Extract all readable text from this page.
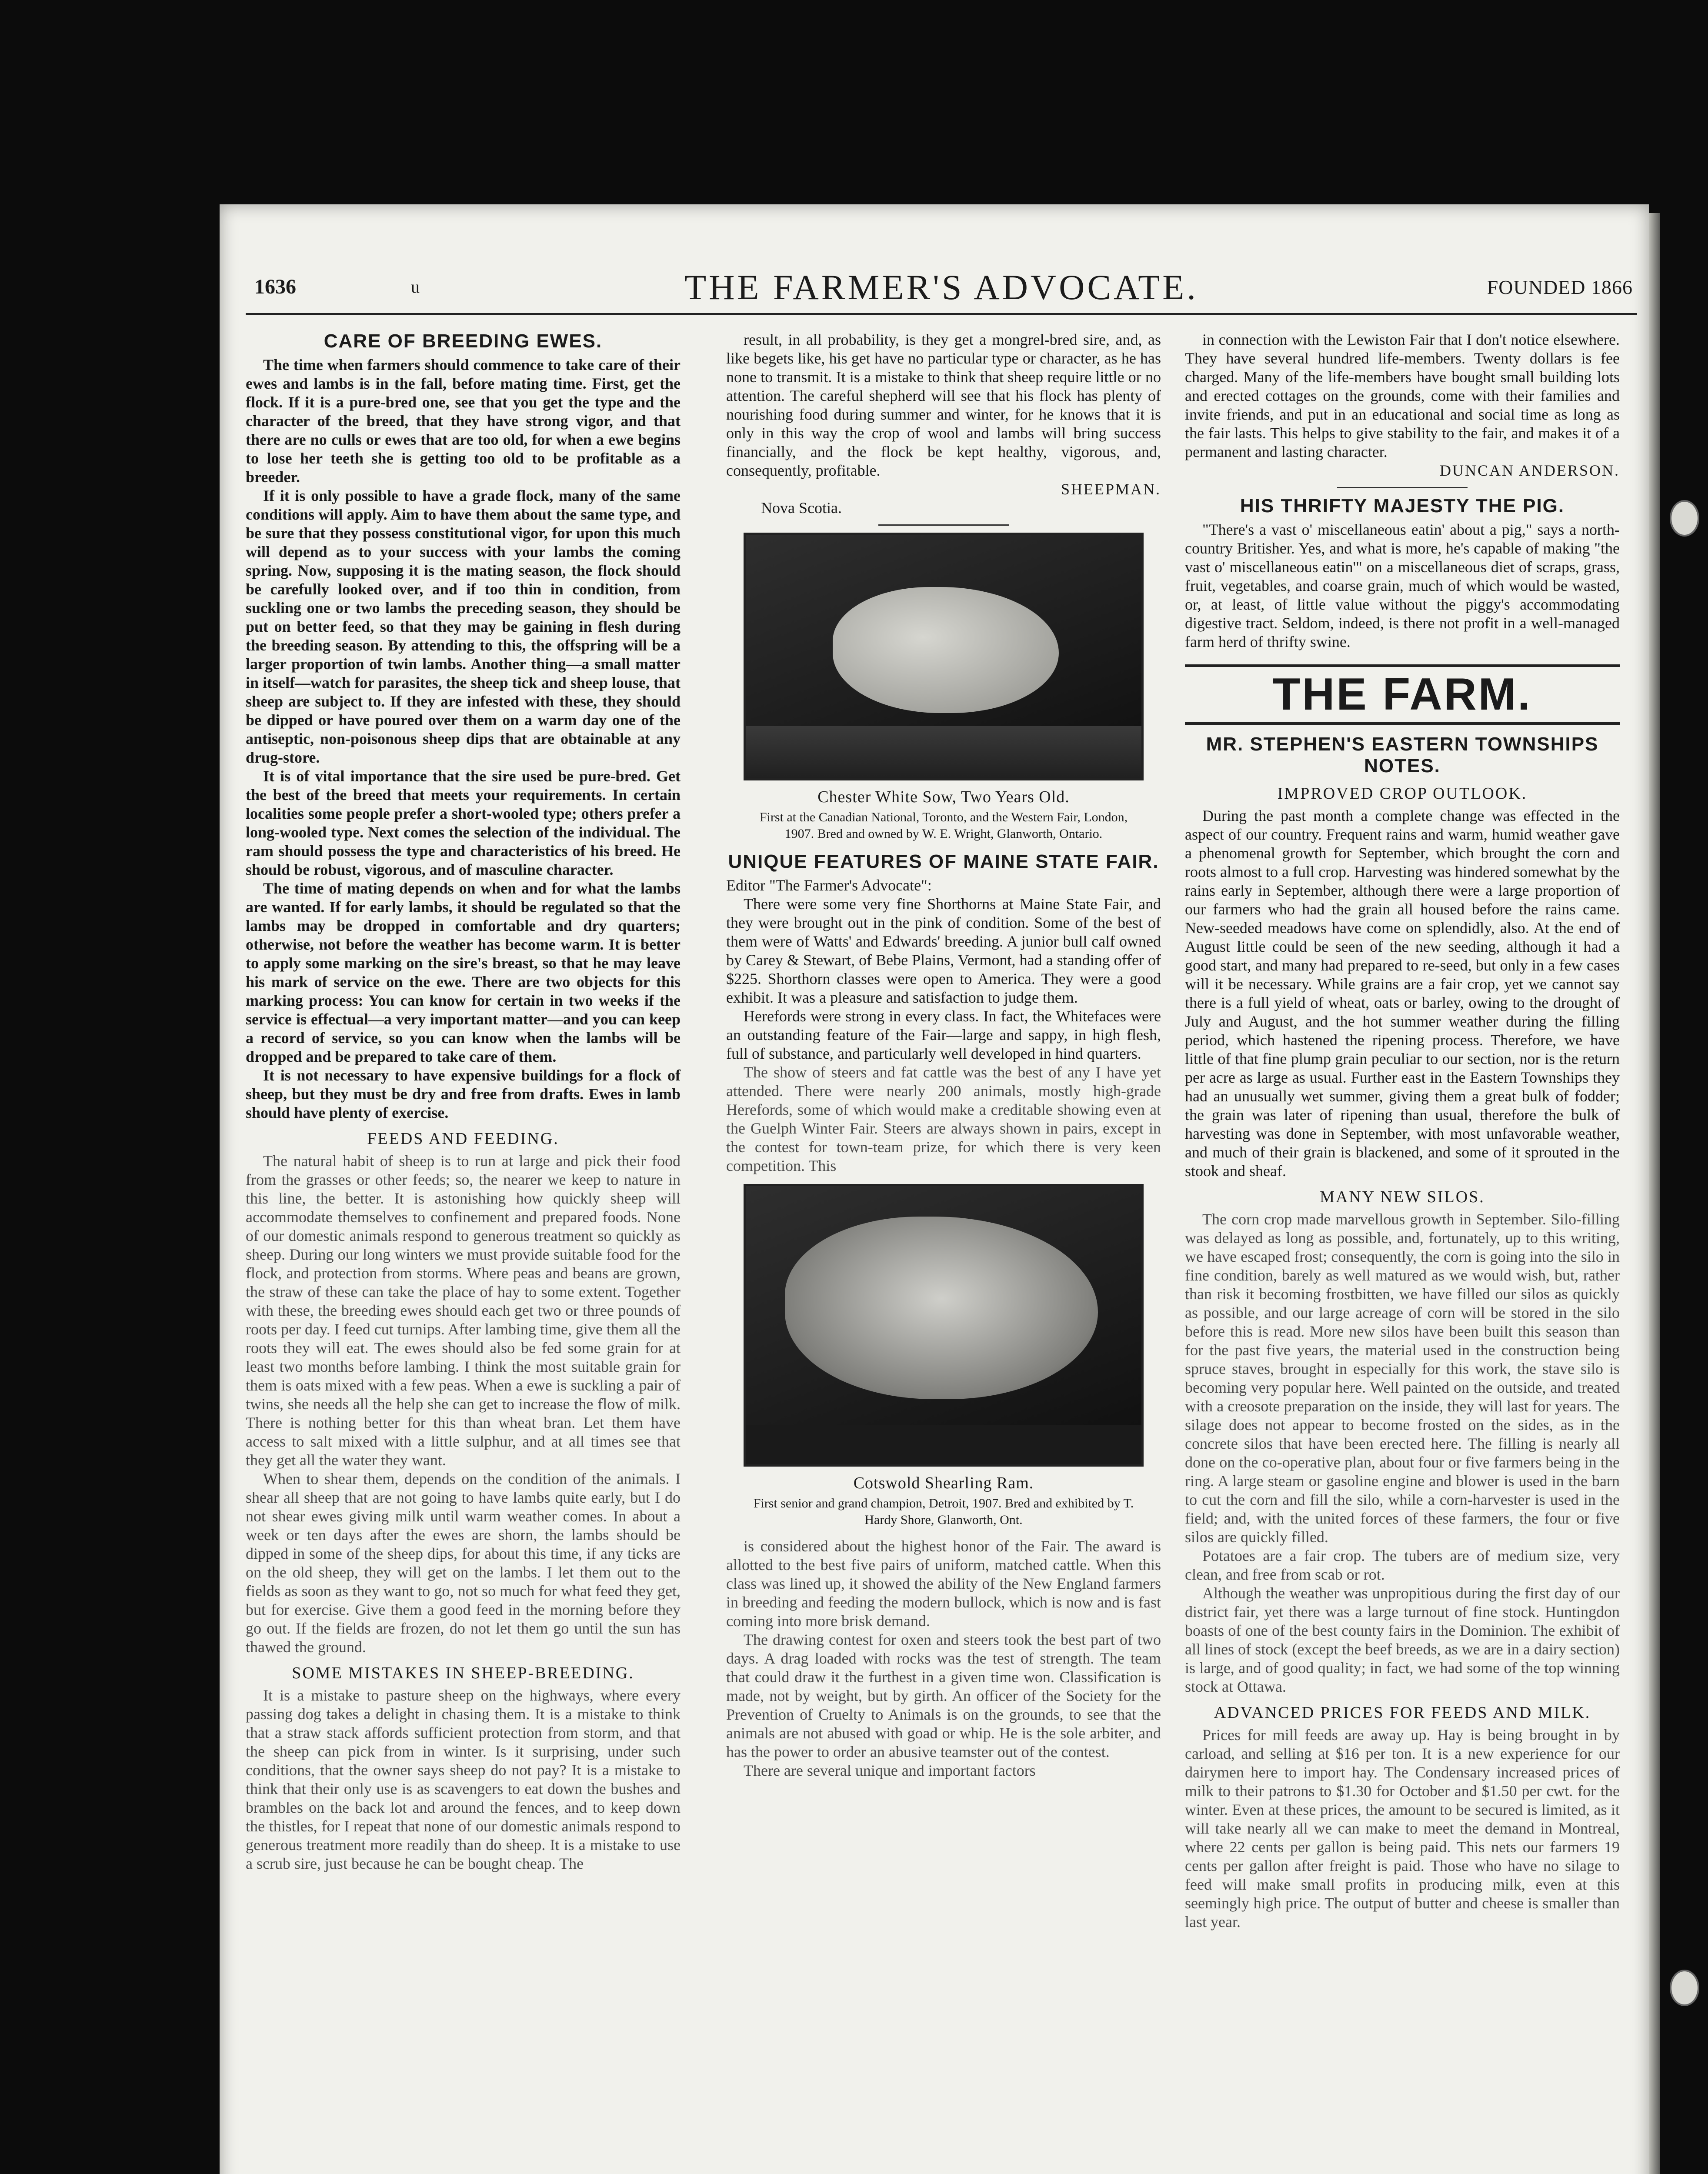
1636	u	THE FARMER'S ADVOCATE.	FOUNDED 1866
CARE OF BREEDING EWES.

The time when farmers should commence to take care of their ewes and lambs is in the fall, before mating time. First, get the flock. If it is a pure-bred one, see that you get the type and the character of the breed, that they have strong vigor, and that there are no culls or ewes that are too old, for when a ewe begins to lose her teeth she is getting too old to be profitable as a breeder.

If it is only possible to have a grade flock, many of the same conditions will apply. Aim to have them about the same type, and be sure that they possess constitutional vigor, for upon this much will depend as to your success with your lambs the coming spring. Now, supposing it is the mating season, the flock should be carefully looked over, and if too thin in condition, from suckling one or two lambs the preceding season, they should be put on better feed, so that they may be gaining in flesh during the breeding season. By attending to this, the offspring will be a larger proportion of twin lambs. Another thing—a small matter in itself—watch for parasites, the sheep tick and sheep louse, that sheep are subject to. If they are infested with these, they should be dipped or have poured over them on a warm day one of the antiseptic, non-poisonous sheep dips that are obtainable at any drug-store.

It is of vital importance that the sire used be pure-bred. Get the best of the breed that meets your requirements. In certain localities some people prefer a short-wooled type; others prefer a long-wooled type. Next comes the selection of the individual. The ram should possess the type and characteristics of his breed. He should be robust, vigorous, and of masculine character.

The time of mating depends on when and for what the lambs are wanted. If for early lambs, it should be regulated so that the lambs may be dropped in comfortable and dry quarters; otherwise, not before the weather has become warm. It is better to apply some marking on the sire's breast, so that he may leave his mark of service on the ewe. There are two objects for this marking process: You can know for certain in two weeks if the service is effectual—a very important matter—and you can keep a record of service, so you can know when the lambs will be dropped and be prepared to take care of them.

It is not necessary to have expensive buildings for a flock of sheep, but they must be dry and free from drafts. Ewes in lamb should have plenty of exercise.

FEEDS AND FEEDING.

The natural habit of sheep is to run at large and pick their food from the grasses or other feeds; so, the nearer we keep to nature in this line, the better. It is astonishing how quickly sheep will accommodate themselves to confinement and prepared foods. None of our domestic animals respond to generous treatment so quickly as sheep. During our long winters we must provide suitable food for the flock, and protection from storms. Where peas and beans are grown, the straw of these can take the place of hay to some extent. Together with these, the breeding ewes should each get two or three pounds of roots per day. I feed cut turnips. After lambing time, give them all the roots they will eat. The ewes should also be fed some grain for at least two months before lambing. I think the most suitable grain for them is oats mixed with a few peas. When a ewe is suckling a pair of twins, she needs all the help she can get to increase the flow of milk. There is nothing better for this than wheat bran. Let them have access to salt mixed with a little sulphur, and at all times see that they get all the water they want.

When to shear them, depends on the condition of the animals. I shear all sheep that are not going to have lambs quite early, but I do not shear ewes giving milk until warm weather comes. In about a week or ten days after the ewes are shorn, the lambs should be dipped in some of the sheep dips, for about this time, if any ticks are on the old sheep, they will get on the lambs. I let them out to the fields as soon as they want to go, not so much for what feed they get, but for exercise. Give them a good feed in the morning before they go out. If the fields are frozen, do not let them go until the sun has thawed the ground.

SOME MISTAKES IN SHEEP-BREEDING.

It is a mistake to pasture sheep on the highways, where every passing dog takes a delight in chasing them. It is a mistake to think that a straw stack affords sufficient protection from storm, and that the sheep can pick from in winter. Is it surprising, under such conditions, that the owner says sheep do not pay? It is a mistake to think that their only use is as scavengers to eat down the bushes and brambles on the back lot and around the fences, and to keep down the thistles, for I repeat that none of our domestic animals respond to generous treatment more readily than do sheep. It is a mistake to use a scrub sire, just because he can be bought cheap. The

result, in all probability, is they get a mongrel-bred sire, and, as like begets like, his get have no particular type or character, as he has none to transmit. It is a mistake to think that sheep require little or no attention. The careful shepherd will see that his flock has plenty of nourishing food during summer and winter, for he knows that it is only in this way the crop of wool and lambs will bring success financially, and the flock be kept healthy, vigorous, and, consequently, profitable.

SHEEPMAN.

Nova Scotia.

Chester White Sow, Two Years Old.
First at the Canadian National, Toronto, and the Western Fair, London, 1907. Bred and owned by W. E. Wright, Glanworth, Ontario.
UNIQUE FEATURES OF MAINE STATE FAIR.

Editor "The Farmer's Advocate":

There were some very fine Shorthorns at Maine State Fair, and they were brought out in the pink of condition. Some of the best of them were of Watts' and Edwards' breeding. A junior bull calf owned by Carey & Stewart, of Bebe Plains, Vermont, had a standing offer of $225. Shorthorn classes were open to America. They were a good exhibit. It was a pleasure and satisfaction to judge them.

Herefords were strong in every class. In fact, the Whitefaces were an outstanding feature of the Fair—large and sappy, in high flesh, full of substance, and particularly well developed in hind quarters.

The show of steers and fat cattle was the best of any I have yet attended. There were nearly 200 animals, mostly high-grade Herefords, some of which would make a creditable showing even at the Guelph Winter Fair. Steers are always shown in pairs, except in the contest for town-team prize, for which there is very keen competition. This

Cotswold Shearling Ram.
First senior and grand champion, Detroit, 1907. Bred and exhibited by T. Hardy Shore, Glanworth, Ont.

is considered about the highest honor of the Fair. The award is allotted to the best five pairs of uniform, matched cattle. When this class was lined up, it showed the ability of the New England farmers in breeding and feeding the modern bullock, which is now and is fast coming into more brisk demand.

The drawing contest for oxen and steers took the best part of two days. A drag loaded with rocks was the test of strength. The team that could draw it the furthest in a given time won. Classification is made, not by weight, but by girth. An officer of the Society for the Prevention of Cruelty to Animals is on the grounds, to see that the animals are not abused with goad or whip. He is the sole arbiter, and has the power to order an abusive teamster out of the contest.

There are several unique and important factors

in connection with the Lewiston Fair that I don't notice elsewhere. They have several hundred life-members. Twenty dollars is fee charged. Many of the life-members have bought small building lots and erected cottages on the grounds, come with their families and invite friends, and put in an educational and social time as long as the fair lasts. This helps to give stability to the fair, and makes it of a permanent and lasting character.

DUNCAN ANDERSON.

HIS THRIFTY MAJESTY THE PIG.

"There's a vast o' miscellaneous eatin' about a pig," says a north-country Britisher. Yes, and what is more, he's capable of making "the vast o' miscellaneous eatin'" on a miscellaneous diet of scraps, grass, fruit, vegetables, and coarse grain, much of which would be wasted, or, at least, of little value without the piggy's accommodating digestive tract. Seldom, indeed, is there not profit in a well-managed farm herd of thrifty swine.

THE FARM.
MR. STEPHEN'S EASTERN TOWNSHIPS NOTES.
IMPROVED CROP OUTLOOK.

During the past month a complete change was effected in the aspect of our country. Frequent rains and warm, humid weather gave a phenomenal growth for September, which brought the corn and roots almost to a full crop. Harvesting was hindered somewhat by the rains early in September, although there were a large proportion of our farmers who had the grain all housed before the rains came. New-seeded meadows have come on splendidly, also. At the end of August little could be seen of the new seeding, although it had a good start, and many had prepared to re-seed, but only in a few cases will it be necessary. While grains are a fair crop, yet we cannot say there is a full yield of wheat, oats or barley, owing to the drought of July and August, and the hot summer weather during the filling period, which hastened the ripening process. Therefore, we have little of that fine plump grain peculiar to our section, nor is the return per acre as large as usual. Further east in the Eastern Townships they had an unusually wet summer, giving them a great bulk of fodder; the grain was later of ripening than usual, therefore the bulk of harvesting was done in September, with most unfavorable weather, and much of their grain is blackened, and some of it sprouted in the stook and sheaf.

MANY NEW SILOS.

The corn crop made marvellous growth in September. Silo-filling was delayed as long as possible, and, fortunately, up to this writing, we have escaped frost; consequently, the corn is going into the silo in fine condition, barely as well matured as we would wish, but, rather than risk it becoming frostbitten, we have filled our silos as quickly as possible, and our large acreage of corn will be stored in the silo before this is read. More new silos have been built this season than for the past five years, the material used in the construction being spruce staves, brought in especially for this work, the stave silo is becoming very popular here. Well painted on the outside, and treated with a creosote preparation on the inside, they will last for years. The silage does not appear to become frosted on the sides, as in the concrete silos that have been erected here. The filling is nearly all done on the co-operative plan, about four or five farmers being in the ring. A large steam or gasoline engine and blower is used in the barn to cut the corn and fill the silo, while a corn-harvester is used in the field; and, with the united forces of these farmers, the four or five silos are quickly filled.

Potatoes are a fair crop. The tubers are of medium size, very clean, and free from scab or rot.

Although the weather was unpropitious during the first day of our district fair, yet there was a large turnout of fine stock. Huntingdon boasts of one of the best county fairs in the Dominion. The exhibit of all lines of stock (except the beef breeds, as we are in a dairy section) is large, and of good quality; in fact, we had some of the top winning stock at Ottawa.

ADVANCED PRICES FOR FEEDS AND MILK.

Prices for mill feeds are away up. Hay is being brought in by carload, and selling at $16 per ton. It is a new experience for our dairymen here to import hay. The Condensary increased prices of milk to their patrons to $1.30 for October and $1.50 per cwt. for the winter. Even at these prices, the amount to be secured is limited, as it will take nearly all we can make to meet the demand in Montreal, where 22 cents per gallon is being paid. This nets our farmers 19 cents per gallon after freight is paid. Those who have no silage to feed will make small profits in producing milk, even at this seemingly high price. The output of butter and cheese is smaller than last year.
